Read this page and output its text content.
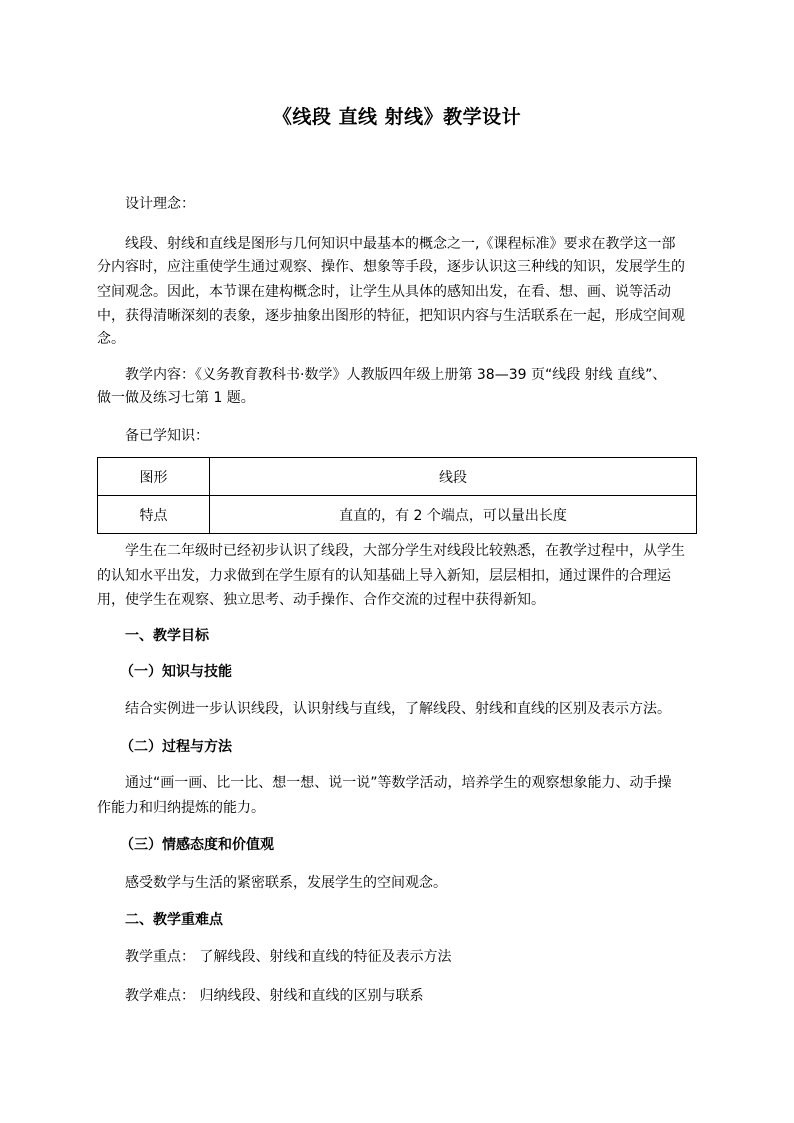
《线段 直线 射线》教学设计
设计理念：
线段、射线和直线是图形与几何知识中最基本的概念之一,《课程标准》要求在教学这一部
分内容时，应注重使学生通过观察、操作、想象等手段，逐步认识这三种线的知识，发展学生的
空间观念。因此，本节课在建构概念时，让学生从具体的感知出发，在看、想、画、说等活动
中，获得清晰深刻的表象，逐步抽象出图形的特征，把知识内容与生活联系在一起，形成空间观
念。
教学内容：《义务教育教科书·数学》人教版四年级上册第 38—39 页“线段 射线 直线”、
做一做及练习七第 1 题。
备已学知识：
图形	线段
特点	直直的，有 2 个端点，可以量出长度
学生在二年级时已经初步认识了线段，大部分学生对线段比较熟悉，在教学过程中，从学生
的认知水平出发，力求做到在学生原有的认知基础上导入新知，层层相扣，通过课件的合理运
用，使学生在观察、独立思考、动手操作、合作交流的过程中获得新知。
一、教学目标
（一）知识与技能
结合实例进一步认识线段，认识射线与直线，了解线段、射线和直线的区别及表示方法。
（二）过程与方法
通过“画一画、比一比、想一想、说一说”等数学活动，培养学生的观察想象能力、动手操
作能力和归纳提炼的能力。
（三）情感态度和价值观
感受数学与生活的紧密联系，发展学生的空间观念。
二、教学重难点
教学重点： 了解线段、射线和直线的特征及表示方法
教学难点： 归纳线段、射线和直线的区别与联系
